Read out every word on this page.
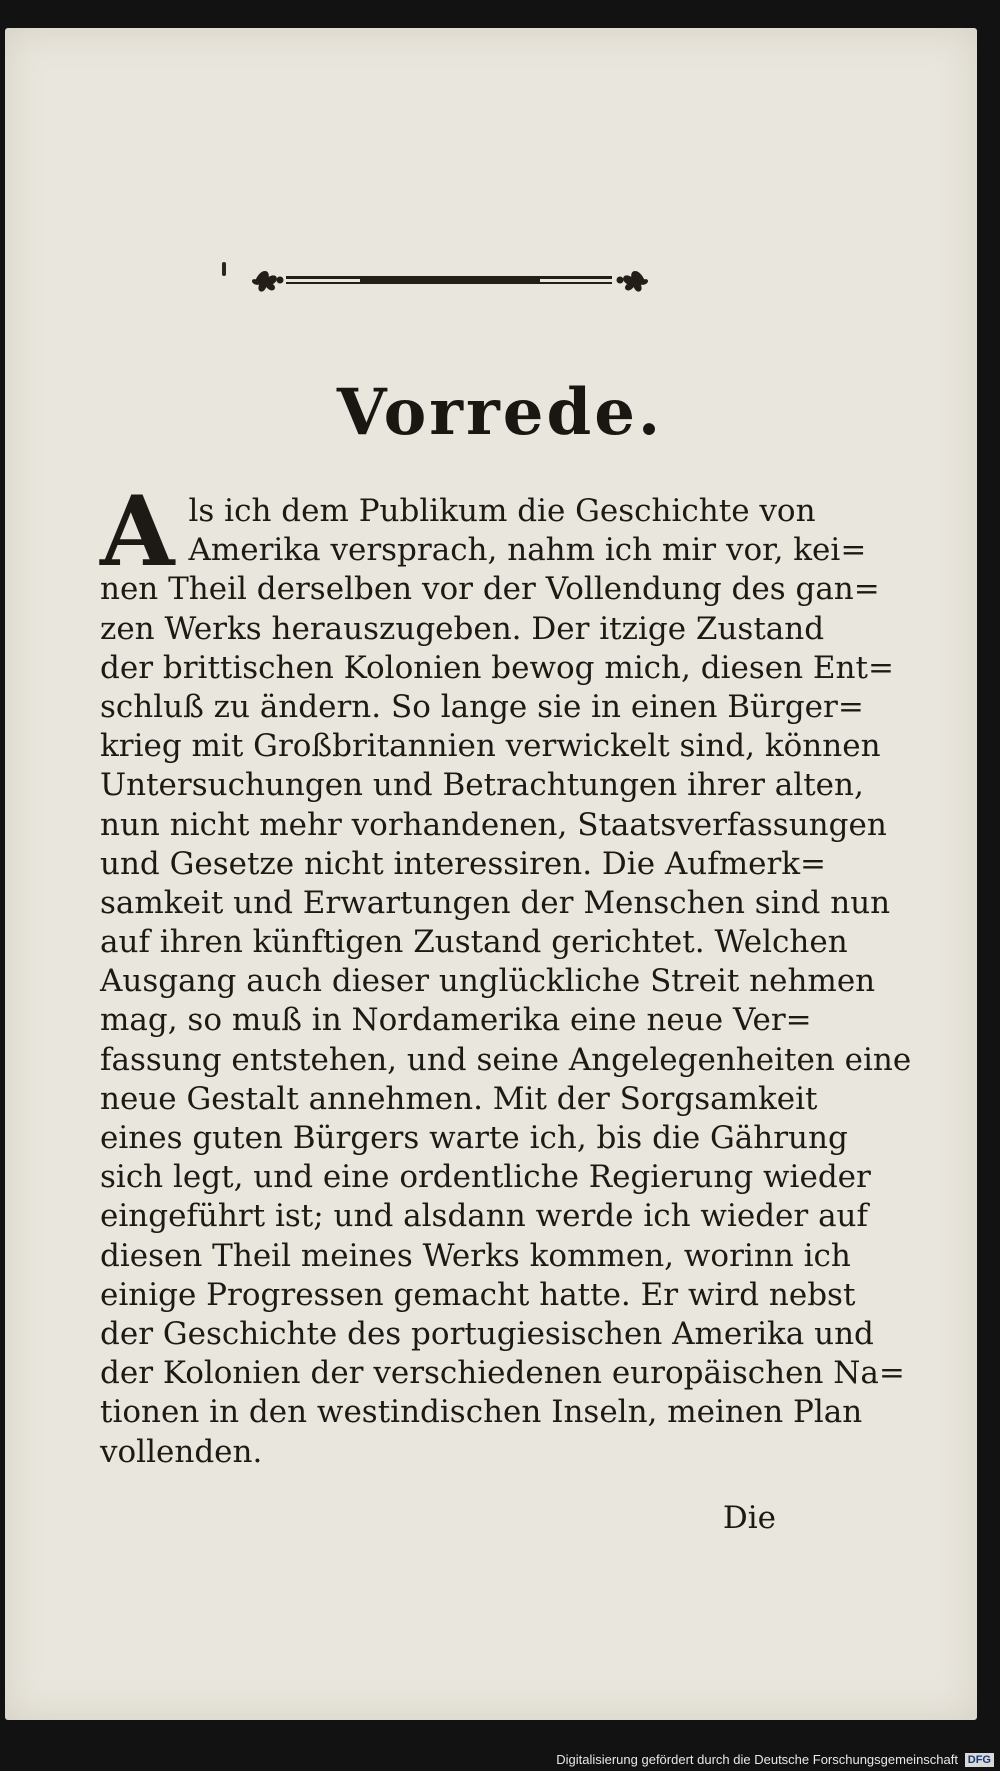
Vorrede.
A ls ich dem Publikum die Geschichte von
Amerika versprach, nahm ich mir vor, kei=
nen Theil derselben vor der Vollendung des gan=
zen Werks herauszugeben. Der itzige Zustand
der brittischen Kolonien bewog mich, diesen Ent=
schluß zu ändern. So lange sie in einen Bürger=
krieg mit Großbritannien verwickelt sind, können
Untersuchungen und Betrachtungen ihrer alten,
nun nicht mehr vorhandenen, Staatsverfassungen
und Gesetze nicht interessiren. Die Aufmerk=
samkeit und Erwartungen der Menschen sind nun
auf ihren künftigen Zustand gerichtet. Welchen
Ausgang auch dieser unglückliche Streit nehmen
mag, so muß in Nordamerika eine neue Ver=
fassung entstehen, und seine Angelegenheiten eine
neue Gestalt annehmen. Mit der Sorgsamkeit
eines guten Bürgers warte ich, bis die Gährung
sich legt, und eine ordentliche Regierung wieder
eingeführt ist; und alsdann werde ich wieder auf
diesen Theil meines Werks kommen, worinn ich
einige Progressen gemacht hatte. Er wird nebst
der Geschichte des portugiesischen Amerika und
der Kolonien der verschiedenen europäischen Na=
tionen in den westindischen Inseln, meinen Plan
vollenden.
Die
Digitalisierung gefördert durch die Deutsche Forschungsgemeinschaft DFG
